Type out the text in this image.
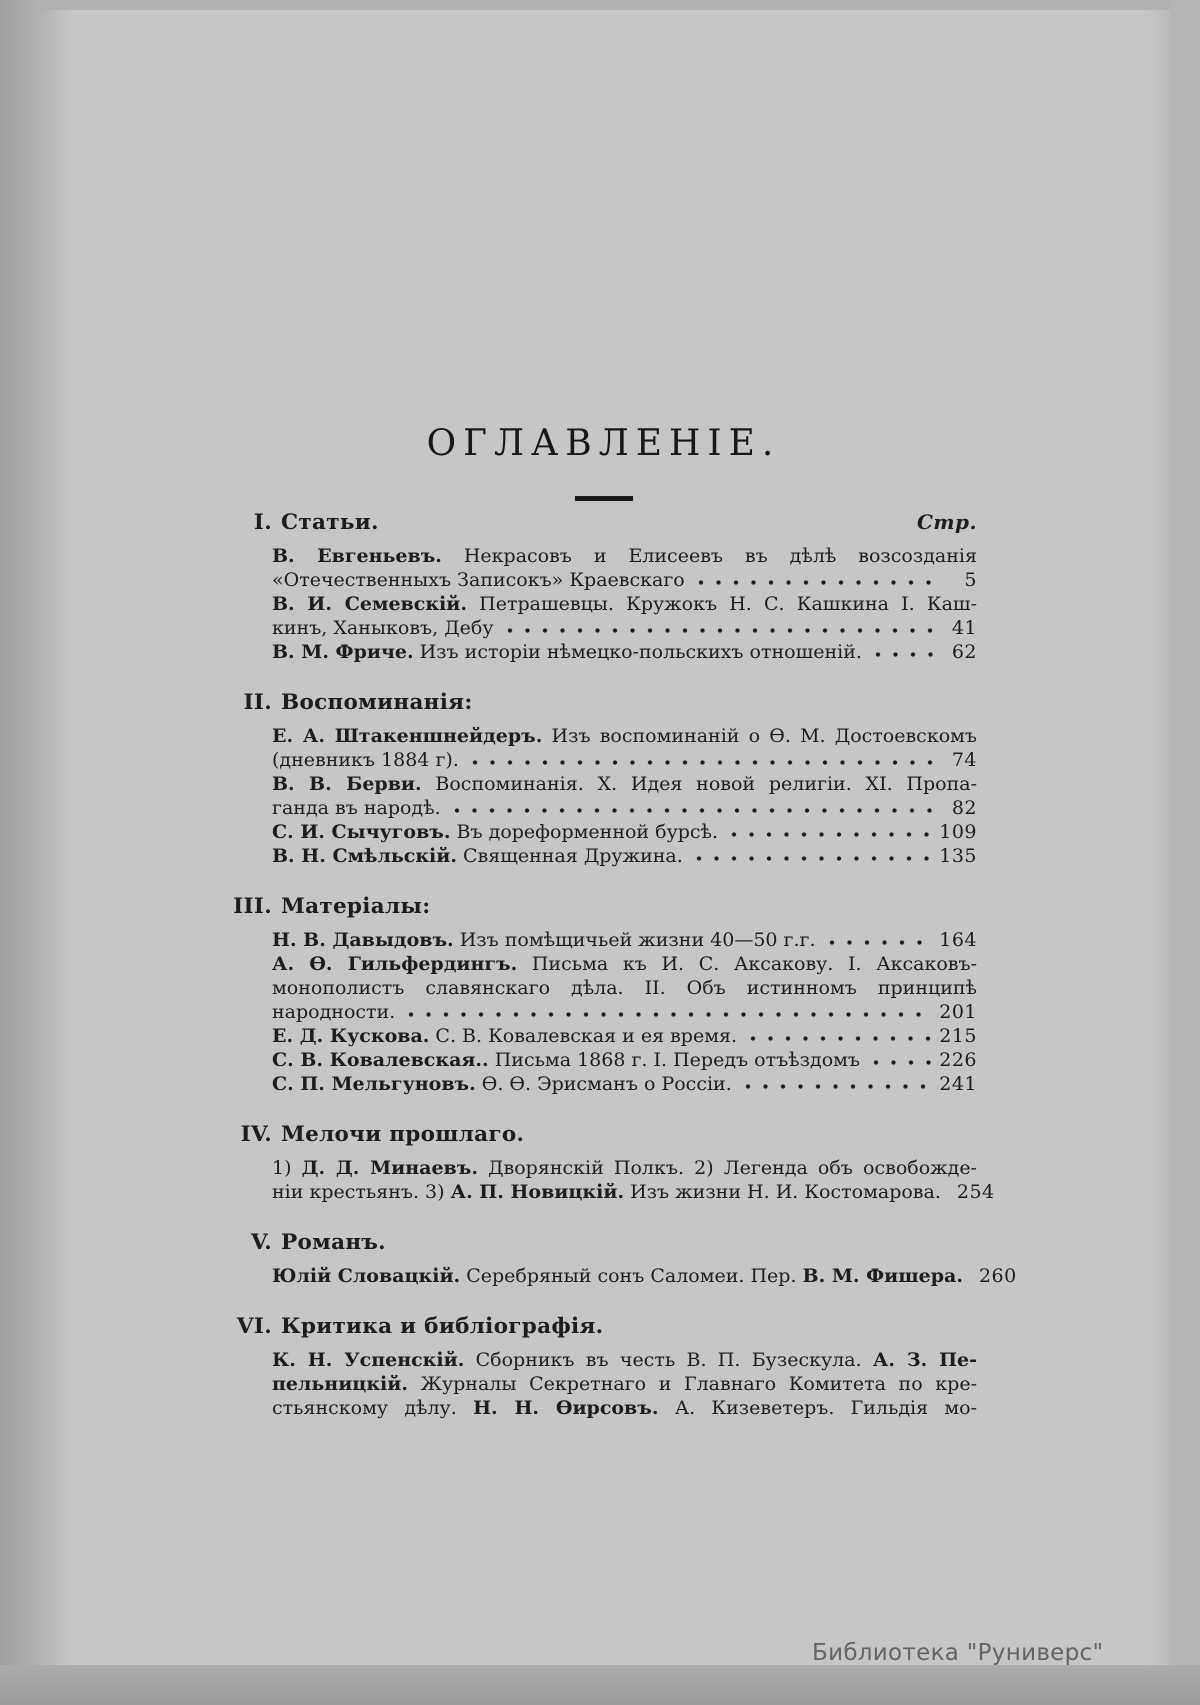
ОГЛАВЛЕНІЕ.
I. Статьи.	Стр.
В. Евгеньевъ. Некрасовъ и Елисеевъ въ дѣлѣ возсозданія
«Отечественныхъ Записокъ» Краевскаго	5
В. И. Семевскій. Петрашевцы. Кружокъ Н. С. Кашкина І. Каш-
кинъ, Ханыковъ, Дебу	41
В. М. Фриче. Изъ исторіи нѣмецко-польскихъ отношеній.	62
II. Воспоминанія:
Е. А. Штакеншнейдеръ. Изъ воспоминаній о Ѳ. М. Достоевскомъ
(дневникъ 1884 г).	74
В. В. Берви. Воспоминанія. X. Идея новой религіи. XI. Пропа-
ганда въ народѣ.	82
С. И. Сычуговъ. Въ дореформенной бурсѣ.	109
В. Н. Смѣльскій. Священная Дружина.	135
III. Матеріалы:
Н. В. Давыдовъ. Изъ помѣщичьей жизни 40—50 г.г.	164
А. Ѳ. Гильфердингъ. Письма къ И. С. Аксакову. І. Аксаковъ-
монополистъ славянскаго дѣла. II. Объ истинномъ принципѣ
народности.	201
Е. Д. Кускова. С. В. Ковалевская и ея время.	215
С. В. Ковалевская.. Письма 1868 г. І. Передъ отъѣздомъ	226
С. П. Мельгуновъ. Ѳ. Ѳ. Эрисманъ о Россіи.	241
IV. Мелочи прошлаго.
1) Д. Д. Минаевъ. Дворянскій Полкъ. 2) Легенда объ освобожде-
ніи крестьянъ. 3) А. П. Новицкій. Изъ жизни Н. И. Костомарова. 254
V. Романъ.
Юлій Словацкій. Серебряный сонъ Саломеи. Пер. В. М. Фишера. 260
VI. Критика и библіографія.
К. Н. Успенскій. Сборникъ въ честь В. П. Бузескула. А. З. Пе-
пельницкій. Журналы Секретнаго и Главнаго Комитета по кре-
стьянскому дѣлу. Н. Н. Ѳирсовъ. А. Кизеветеръ. Гильдія мо-
Библиотека "Руниверс"
